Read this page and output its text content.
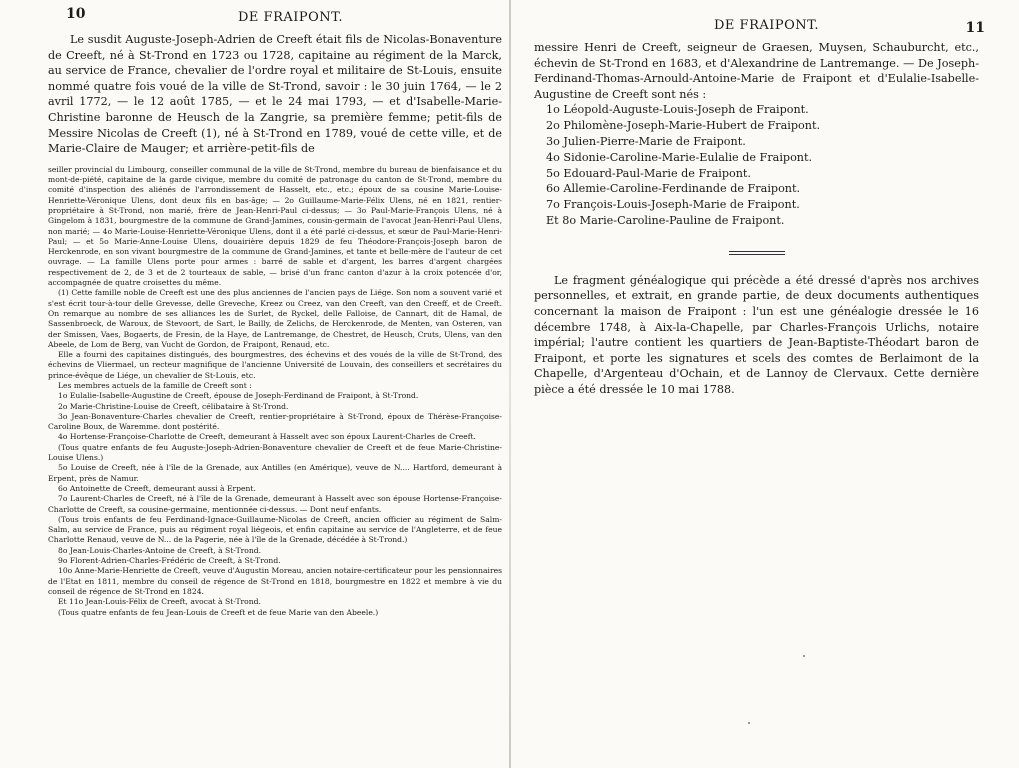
10	DE FRAIPONT.

Le susdit Auguste-Joseph-Adrien de Creeft était fils de Nicolas-Bonaventure de Creeft, né à St-Trond en 1723 ou 1728, capitaine au régiment de la Marck, au service de France, chevalier de l'ordre royal et militaire de St-Louis, ensuite nommé quatre fois voué de la ville de St-Trond, savoir : le 30 juin 1764, — le 2 avril 1772, — le 12 août 1785, — et le 24 mai 1793, — et d'Isabelle-Marie-Christine baronne de Heusch de la Zangrie, sa première femme; petit-fils de Messire Nicolas de Creeft (1), né à St-Trond en 1789, voué de cette ville, et de Marie-Claire de Mauger; et arrière-petit-fils de

seiller provincial du Limbourg, conseiller communal de la ville de St-Trond, membre du bureau de bienfaisance et du mont-de-piété, capitaine de la garde civique, membre du comité de patronage du canton de St-Trond, membre du comité d'inspection des aliénés de l'arrondissement de Hasselt, etc., etc.; époux de sa cousine Marie-Louise-Henriette-Véronique Ulens, dont deux fils en bas-âge; — 2o Guillaume-Marie-Félix Ulens, né en 1821, rentier-propriétaire à St-Trond, non marié, frère de Jean-Henri-Paul ci-dessus; — 3o Paul-Marie-François Ulens, né à Gingelom à 1831, bourgmestre de la commune de Grand-Jamines, cousin-germain de l'avocat Jean-Henri-Paul Ulens, non marié; — 4o Marie-Louise-Henriette-Véronique Ulens, dont il a été parlé ci-dessus, et sœur de Paul-Marie-Henri-Paul; — et 5o Marie-Anne-Louise Ulens, douairière depuis 1829 de feu Théodore-François-Joseph baron de Herckenrode, en son vivant bourgmestre de la commune de Grand-Jamines, et tante et belle-mère de l'auteur de cet ouvrage. — La famille Ulens porte pour armes : barré de sable et d'argent, les barres d'argent chargées respectivement de 2, de 3 et de 2 tourteaux de sable, — brisé d'un franc canton d'azur à la croix potencée d'or, accompagnée de quatre croisettes du même.

(1) Cette famille noble de Creeft est une des plus anciennes de l'ancien pays de Liége. Son nom a souvent varié et s'est écrit tour-à-tour delle Grevesse, delle Greveche, Kreez ou Creez, van den Creeft, van den Creeff, et de Creeft. On remarque au nombre de ses alliances les de Surlet, de Ryckel, delle Falloise, de Cannart, dit de Hamal, de Sassenbroeck, de Waroux, de Stevoort, de Sart, le Bailly, de Zelichs, de Herckenrode, de Menten, van Osteren, van der Smissen, Vaes, Bogaerts, de Fresin, de la Haye, de Lantremange, de Chestret, de Heusch, Cruts, Ulens, van den Abeele, de Lom de Berg, van Vucht de Gordon, de Fraipont, Renaud, etc.

Elle a fourni des capitaines distingués, des bourgmestres, des échevins et des voués de la ville de St-Trond, des échevins de Vliermael, un recteur magnifique de l'ancienne Université de Louvain, des conseillers et secrétaires du prince-évêque de Liége, un chevalier de St-Louis, etc.

Les membres actuels de la famille de Creeft sont :

1o Eulalie-Isabelle-Augustine de Creeft, épouse de Joseph-Ferdinand de Fraipont, à St-Trond.

2o Marie-Christine-Louise de Creeft, célibataire à St-Trond.

3o Jean-Bonaventure-Charles chevalier de Creeft, rentier-propriétaire à St-Trond, époux de Thérèse-Françoise-Caroline Boux, de Waremme. dont postérité.

4o Hortense-Françoise-Charlotte de Creeft, demeurant à Hasselt avec son époux Laurent-Charles de Creeft.

(Tous quatre enfants de feu Auguste-Joseph-Adrien-Bonaventure chevalier de Creeft et de feue Marie-Christine-Louise Ulens.)

5o Louise de Creeft, née à l'île de la Grenade, aux Antilles (en Amérique), veuve de N.... Hartford, demeurant à Erpent, près de Namur.

6o Antoinette de Creeft, demeurant aussi à Erpent.

7o Laurent-Charles de Creeft, né à l'île de la Grenade, demeurant à Hasselt avec son épouse Hortense-Françoise-Charlotte de Creeft, sa cousine-germaine, mentionnée ci-dessus. — Dont neuf enfants.

(Tous trois enfants de feu Ferdinand-Ignace-Guillaume-Nicolas de Creeft, ancien officier au régiment de Salm-Salm, au service de France, puis au régiment royal liégeois, et enfin capitaine au service de l'Angleterre, et de feue Charlotte Renaud, veuve de N... de la Pagerie, née à l'île de la Grenade, décédée à St-Trond.)

8o Jean-Louis-Charles-Antoine de Creeft, à St-Trond.

9o Florent-Adrien-Charles-Frédéric de Creeft, à St-Trond.

10o Anne-Marie-Henriette de Creeft, veuve d'Augustin Moreau, ancien notaire-certificateur pour les pensionnaires de l'Etat en 1811, membre du conseil de régence de St-Trond en 1818, bourgmestre en 1822 et membre à vie du conseil de régence de St-Trond en 1824.

Et 11o Jean-Louis-Félix de Creeft, avocat à St-Trond.

(Tous quatre enfants de feu Jean-Louis de Creeft et de feue Marie van den Abeele.)

DE FRAIPONT.	11

messire Henri de Creeft, seigneur de Graesen, Muysen, Schauburcht, etc., échevin de St-Trond en 1683, et d'Alexandrine de Lantremange. — De Joseph-Ferdinand-Thomas-Arnould-Antoine-Marie de Fraipont et d'Eulalie-Isabelle-Augustine de Creeft sont nés :

1o Léopold-Auguste-Louis-Joseph de Fraipont.
2o Philomène-Joseph-Marie-Hubert de Fraipont.
3o Julien-Pierre-Marie de Fraipont.
4o Sidonie-Caroline-Marie-Eulalie de Fraipont.
5o Edouard-Paul-Marie de Fraipont.
6o Allemie-Caroline-Ferdinande de Fraipont.
7o François-Louis-Joseph-Marie de Fraipont.
Et 8o Marie-Caroline-Pauline de Fraipont.

Le fragment généalogique qui précède a été dressé d'après nos archives personnelles, et extrait, en grande partie, de deux documents authentiques concernant la maison de Fraipont : l'un est une généalogie dressée le 16 décembre 1748, à Aix-la-Chapelle, par Charles-François Urlichs, notaire impérial; l'autre contient les quartiers de Jean-Baptiste-Théodart baron de Fraipont, et porte les signatures et scels des comtes de Berlaimont de la Chapelle, d'Argenteau d'Ochain, et de Lannoy de Clervaux. Cette dernière pièce a été dressée le 10 mai 1788.
